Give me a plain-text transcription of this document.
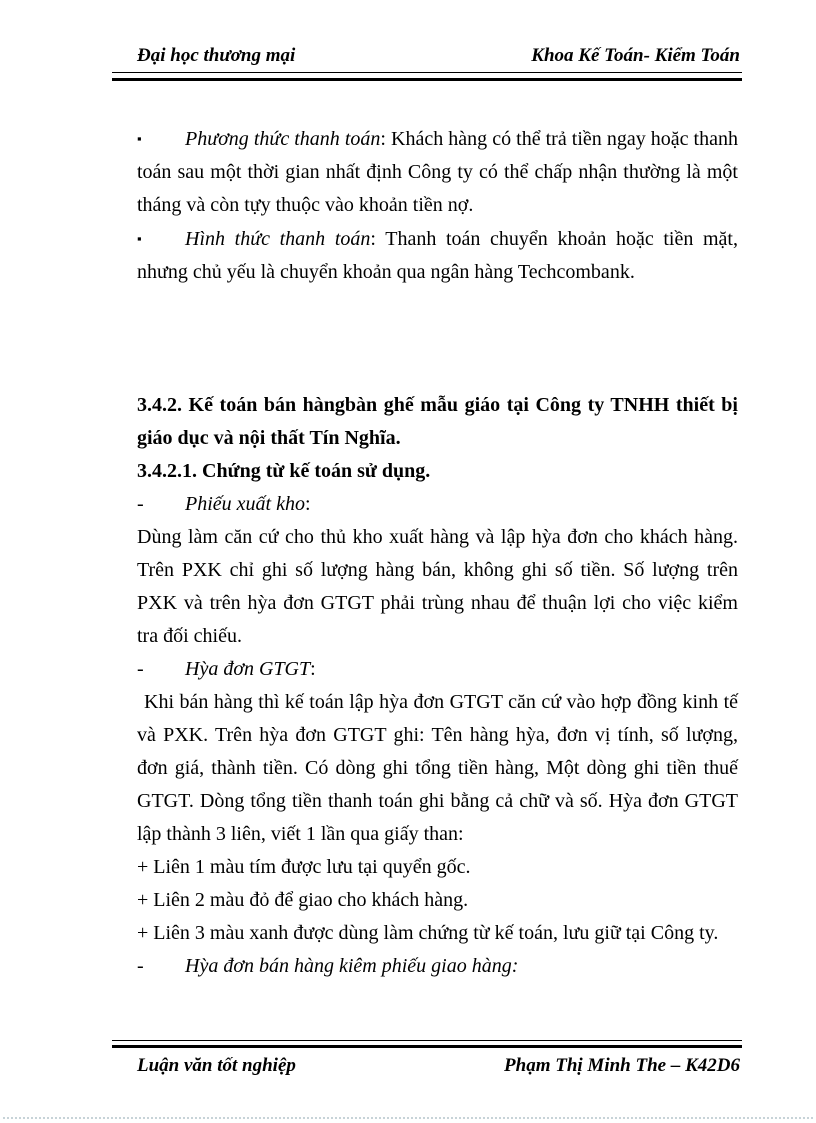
Đại học thương mại	Khoa Kế Toán- Kiểm Toán

▪ Phương thức thanh toán: Khách hàng có thể trả tiền ngay hoặc thanh toán sau một thời gian nhất định Công ty có thể chấp nhận thường là một tháng và còn tựy thuộc vào khoản tiền nợ.

▪ Hình thức thanh toán: Thanh toán chuyển khoản hoặc tiền mặt, nhưng chủ yếu là chuyển khoản qua ngân hàng Techcombank.

3.4.2. Kế toán bán hàngbàn ghế mẫu giáo tại Công ty TNHH thiết bị giáo dục và nội thất Tín Nghĩa.

3.4.2.1. Chứng từ kế toán sử dụng.

- Phiếu xuất kho:

Dùng làm căn cứ cho thủ kho xuất hàng và lập hỳa đơn cho khách hàng. Trên PXK chỉ ghi số lượng hàng bán, không ghi số tiền. Số lượng trên PXK và trên hỳa đơn GTGT phải trùng nhau để thuận lợi cho việc kiểm tra đối chiếu.

- Hỳa đơn GTGT:

Khi bán hàng thì kế toán lập hỳa đơn GTGT căn cứ vào hợp đồng kinh tế và PXK. Trên hỳa đơn GTGT ghi: Tên hàng hỳa, đơn vị tính, số lượng, đơn giá, thành tiền. Có dòng ghi tổng tiền hàng, Một dòng ghi tiền thuế GTGT. Dòng tổng tiền thanh toán ghi bằng cả chữ và số. Hỳa đơn GTGT lập thành 3 liên, viết 1 lần qua giấy than:

+ Liên 1 màu tím được lưu tại quyển gốc.

+ Liên 2 màu đỏ để giao cho khách hàng.

+ Liên 3 màu xanh được dùng làm chứng từ kế toán, lưu giữ tại Công ty.

- Hỳa đơn bán hàng kiêm phiếu giao hàng:

Luận văn tốt nghiệp	Phạm Thị Minh The – K42D6
